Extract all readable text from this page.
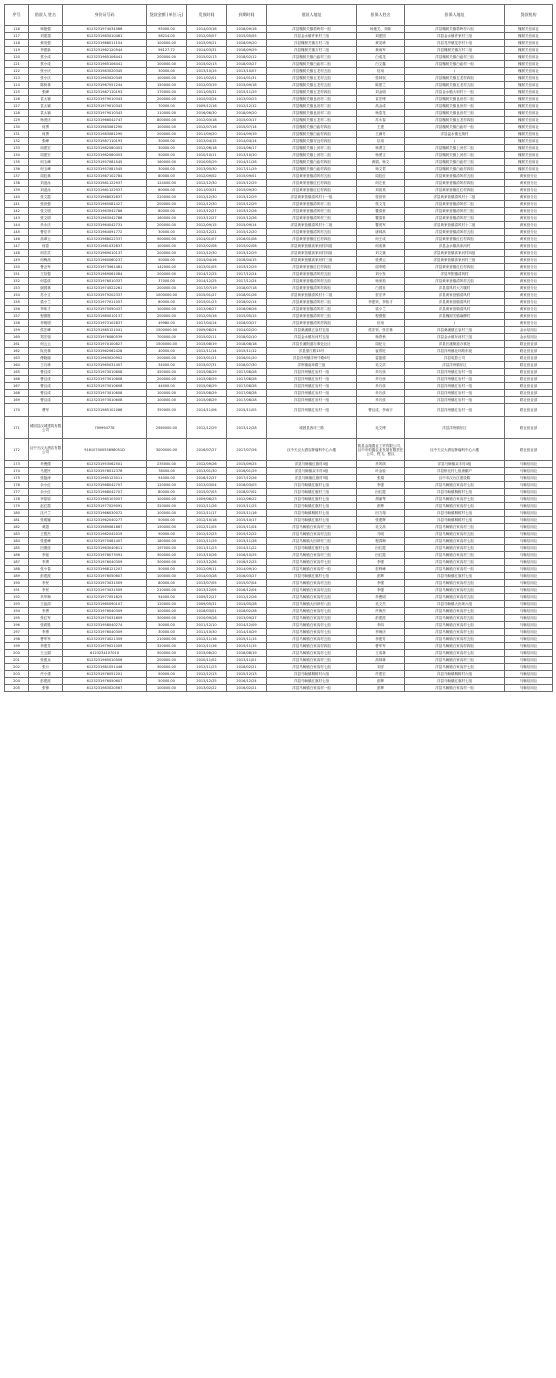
序号	借款人 姓名	身份证号码	贷款金额 (单位:元)	发放时间	到期时间	借款人地址	担保人姓名	担保人地址	贷款机构
116	杨艳强	6123231974034566	95000.00	2014/03/18	2018/09/16	洋县槐树关镇梧岭村一组	杨艳关、刘妹	洋县槐树关镇梧岭村六组	槐树关信用社
117	刘建超	6123231983010461	58214.00	2012/05/07	2015/05/05	洋县金水镇许家村三组	刘建国	洋县金水镇许家村三组	槐树关信用社
118	黄英强	6123231988011104	100000.00	2015/09/21	2018/09/20	洋县槐树关镇万村二组	黄英珍	洋县龙亭镇龙亭村十组	槐树关信用社
119	李建新	6123231962120544	56127.72	2014/03/31	2018/09/29	洋县槐树关镇万村二组	黄雨军	洋县槐树关镇万村二组	槐树关信用社
120	蔡小成	6123231965106441	200000.00	2015/02/13	2018/02/12	洋县槐树关镇白庙村三组	白成龙	洋县槐树关镇白庙村三组	槐树关信用社
121	蔡小成	6123231965106441	100000.00	2015/02/13	2018/03/27	洋县槐树关镇白庙村二组	白文鑫	洋县槐树关镇白庙村一组	槐树关信用社
122	张小庆	6123231983020345	30000.00	2013/10/15	2013/10/07	洋县槐树关镇五龙村五组	信用	/	槐树关信用社
123	张小庆	6123231983020345	100000.00	2011/02/01	2014/01/31	洋县槐树关镇五龙村五组	张林权	洋县槐树关镇五龙村四组	槐树关信用社
124	陈桥林	6123231967051244	150000.00	2012/03/19	2015/09/18	洋县槐树关镇五龙村五组	陈建兰	洋县槐树关镇五龙村五组	槐树关信用社
125	张峰	6123231987110193	170000.00	2011/05/31	2015/11/29	洋县槐树关镇五龙村四组	刘金明	洋县金水镇大坝村十一组	槐树关信用社
126	袁太颖	6123231979010343	200000.00	2010/03/24	2013/03/23	洋县槐树关镇良田村二组	袁宏博	洋县槐树关镇良田村二组	槐树关信用社
127	袁太颖	6123231979010343	70000.00	2009/12/16	2012/12/12	洋县槐树关镇良田村二组	高金成	洋县槐树关镇良田村一组	槐树关信用社
128	袁太颖	6123231979010343	110000.00	2016/06/30	2018/09/20	洋县槐树关镇良田村二组	杨泰龙	洋县槐树关镇良田村三组	槐树关信用社
129	杨虎庆	6123231966042747	800000.00	2012/03/18	2015/03/17	洋县槐树关镇五龙村二组	苏永春	洋县槐树关镇五龙村四组	槐树关信用社
130	何勇	6123231983081290	100000.00	2012/07/16	2015/07/14	洋县槐树关镇白庙村四组	王建	洋县槐树关镇白庙村一组	槐树关信用社
131	何勇	6123231983081290	200000.00	2011/09/20	2014/09/19	洋县槐树关镇白庙村四组	王满冬	洋县溢水镇五狗村	槐树关信用社
132	张峰	6123231987110193	30000.00	2013/04/15	2014/04/14	洋县槐树关镇安良村四组	信用	/	槐树关信用社
133	周建宏	6123231982080453	30000.00	2012/06/18	2014/06/17	洋县槐树关镇上河村二组	杨勇文	洋县槐树关镇上河村二组	槐树关信用社
134	周建宏	6123231982080453	50000.00	2010/10/11	2013/10/10	洋县槐树关镇上河村二组	杨勇文	洋县槐树关镇上河村二组	槐树关信用社
135	何玉峰	6123231957081545	160000.00	2010/05/29	2014/11/28	洋县槐树关镇白庙村四组	黄娟、杨文	洋县槐树关镇白庙村三组	槐树关信用社
136	何玉峰	6123231957081545	30000.00	2013/05/30	2017/11/29	洋县槐树关镇白庙村四组	杨文君	洋县槐树关镇白庙村四组	槐树关信用社
137	周虹林	6123231987102784	80000.00	2012/09/02	2015/09/01	洋县黄家营镇清风村五组	周虹红	洋县黄家营镇清风村五组	黄家营分社
138	刘迎泳	6123231981122937	124000.00	2012/12/30	2015/12/29	洋县黄家营镇红红村四组	何左世	洋县黄家营镇清风村四组	黄家营分社
139	刘迎泳	6123231981122937	80000.00	2011/03/31	2015/09/30	洋县黄家营镇红红村四组	刘高其	洋县黄家营镇红红村四组	黄家营分社
140	张文霞	6123231968032837	220000.00	2012/12/30	2015/12/29	洋县黄家营镇清风村十一组	张世荣	洋县黄家营镇清风村十二组	黄家营分社
141	张世强	6123231965081427	200000.00	2012/12/30	2015/12/29	洋县黄家营镇清风村二组	张文龙	洋县黄家营镇清风村二组	黄家营分社
142	张文明	6123231963042786	80000.00	2013/12/27	2015/12/26	洋县黄家营镇清风村三组	瞿清世	洋县黄家营镇清风村三组	黄家营分社
143	张文明	6123231963042786	160000.00	2013/12/27	2015/12/26	洋县黄家营镇清风村三组	瞿清世	洋县黄家营镇清风村三组	黄家营分社
144	肖永庆	6123231964042731	200000.00	2012/09/15	2015/09/14	洋县黄家营镇清风村十二组	瞿虎军	洋县黄家营镇清风村十二组	黄家营分社
145	曹应辛	6123231964091772	30000.00	2012/12/21	2015/12/20	洋县黄家营镇清风村五组	唐林高	洋县黄家营镇清风村五组	黄家营分社
146	高翠云	6123231968022337	500000.00	2014/01/07	2016/01/06	洋县黄家营镇红红村四组	何王成	洋县黄家营镇红红村四组	黄家营分社
147	何春	6123231981032837	100000.00	2012/02/08	2015/02/08	洋县黄家营镇高家河村四组	何成林	洋县金水镇高家河村	黄家营分社
148	何宏武	6123231969010137	200000.00	2012/12/30	2015/12/29	洋县黄家营镇高家河村四组	刘文斌	洋县黄家营镇高家河村四组	黄家营分社
149	何梅高	6123231960060237	50000.00	2014/04/16	2016/04/15	洋县黄家营镇高家河村三组	张勇云	洋县黄家营镇高家河村三组	黄家营分社
150	曹念军	6123231973061481	142000.00	2013/01/05	2015/12/29	洋县黄家营镇红红村四组	周李路	洋县黄家营镇红红村四组	黄家营分社
151	王信强	6123231969061084	200000.00	2014/12/25	2017/12/24	洋县黄家营镇清风村五组	刘小发	洋县华阳镇清风村	黄家营分社
152	何雷侠	6123231976010337	37000.00	2014/12/25	2017/12/24	洋县黄家营镇清风村五组	杨家茹	洋县黄家营镇清风村五组	黄家营分社
153	谢国林	6123231974022261	200000.00	2017/07/19	2018/07/18	洋县黄家营镇清风村四组	白国室	洋县清风村大方堰村	黄家营分社
154	苏小文	6123231979202337	1000000.00	2015/01/27	2018/01/26	洋县黄家营镇清风村十二组	贺宏华	洋县黄家营镇清风村	黄家营分社
155	梁小兰	6123231977011057	80000.00	2015/01/23	2018/02/14	洋县黄家营镇清风村二组	李建荣、李伟才	洋县黄家营镇清风村	黄家营分社
156	李伟才	6123231975090437	100000.00	2013/06/27	2016/06/26	洋县黄家营镇清风村二组	梁小兰	洋县黄家营镇清风村	黄家营分社
157	程德胜	6123231980010137	200000.00	2012/05/16	2015/05/15	洋县黄家营镇清风村三组	程德强	洋县槐树关镇麻柳村	黄家营分社
158	李明明	6123231973102837	49980.00	2017/04/14	2018/03/27	洋县黄家营镇清风村四组	信用	/	黄家营分社
159	侯宏峰	6123231985121041	1500000.00	2009/08/24	2014/02/20	洋县桑溪镇五皇村五组	侯宏荣、张宏林	洋县桑溪镇五皇村三组	金水信用社
160	郑宏姐	6123231976080539	700000.00	2015/02/11	2018/02/10	洋县金水镇东河村五组	杨青秋	洋县金水镇东河村三组	金水信用社
161	何云云	6123231970100827	1500000.00	2015/08/19	2018/08/18	洋县长溪街道办事处社区	周纪元	洋县长溪街道办事处	联社营业部
162	阮亮林	6123231962062428	40000.00	2012/11/14	2015/11/12	洋县望江路15号	崔青旺	洋县洋州镇北环路东段	联社营业部
163	傅晓晓	6123231963020902	200000.00	2013/01/21	2016/01/20	洋县洋州镇洋州中路6号	雷振德	洋县电影公司	联社营业部
164	王巧珍	6123231965031407	34000.00	2015/07/31	2018/07/30	洋州镇南环路三组	吴文武	洋县洋州镇东区	联社营业部
165	曹汉成	6123231973010608	450000.00	2015/08/29	2017/08/28	洋县洋州镇红岩村一组	肖巧侠	洋县洋州镇红岩村一组	联社营业部
166	曹汉成	6123231973010608	200000.00	2015/08/29	2017/08/28	洋县洋州镇红岩村一组	肖巧侠	洋县洋州镇红岩村一组	联社营业部
167	曹汉成	6123231973010608	44000.00	2015/08/29	2017/08/28	洋县洋州镇红岩村一组	肖巧侠	洋县洋州镇红岩村一组	联社营业部
168	曹汉成	6123231973010608	100000.00	2015/08/29	2017/08/28	洋县洋州镇红岩村一组	肖巧侠	洋县洋州镇红岩村一组	联社营业部
169	曹汉成	6123231973010608	100000.00	2015/08/29	2017/08/28	洋县洋州镇红岩村一组	肖巧侠	洋县洋州镇红岩村一组	联社营业部
170	曹军	6123231985101068	350000.00	2014/11/06	2015/11/05	洋县洋州镇红岩村一组	曹汉成、李雨宇	洋县洋州镇红岩村一组	联社营业部
171	城固县汉城建筑有限公司	709994778	2560000.00	2012/12/29	2013/12/28	城固县西环三路	吴文博	洋县洋州镇东区	联社营业部
172	汉中天汉大酒店有限公司	91610700055698051D	3000000.00	2016/07/27	2017/07/26	汉中天汉大酒店肿瘤科中心六楼	陕县金翔置业工贸有限公司、汉中市恒鑫农业发展有限责任公司、程飞、程汉	汉中天汉大酒店肿瘤科中心六楼	联社营业部
173	肖俊儒	6123231953062501	235000.00	2012/09/26	2015/09/25	洋县马畅镇红旗村4组	肖风琪	洋县马畅镇双丰村4组	马畅信用社
174	马建民	6123231976012376	78000.00	2013/01/30	2016/01/29	洋县马畅镇双丰村4组	叶金检	洋县桥北村七组唐鹏户	马畅信用社
175	张磊涛	6123231965123011	54000.00	2016/12/27	2017/12/26	洋县马畅镇红旗村3组	张娟	汉中市汉台区建设路	马畅信用社
176	余小红	6123231968042707	120000.00	2013/03/04	2016/03/03	洋县马畅镇红旗村七组	李强	洋县马畅镇白家沟村七组	马畅信用社
177	余小红	6123231968042707	80000.00	2015/07/03	2018/07/02	洋县马畅镇红旗村三组	田红霞	洋县马畅镇桐树村七组	马畅信用社
178	李原原	6123231965103007	100000.00	2009/06/23	2012/06/22	洋县马畅镇红旗村七组	胡丽琴	洋县马畅镇白家沟村七组	马畅信用社
179	赵红霞	6123231977029091	320000.00	2012/11/26	2015/11/25	洋县马畅镇红旗村七组	彭辉	洋县马畅镇白家沟村七组	马畅信用社
180	沈兴兰	6123231966030072	100000.00	2012/11/17	2015/11/16	洋县马畅镇桐树村七组	田力翔	洋县马畅镇桐树村七组	马畅信用社
181	张明娜	6123231962040277	50000.00	2012/10/18	2015/10/17	洋县马畅镇红旗村七组	张建辉	洋县马畅镇桐树村七组	马畅信用社
182	黄超	6123231989081867	150000.00	2012/11/05	2015/11/04	洋县马畅镇白家沟村三组	吴文高	洋县马畅镇白家沟村三组	马畅信用社
183	王银杰	6123231982042019	50000.00	2012/12/23	2015/12/22	洋县马畅镇白家沟村五组	马明	洋县马畅镇白家沟村五组	马畅信用社
184	张建峰	6123231975061407	180000.00	2012/11/29	2015/11/28	洋县马畅镇大田坝村三组	程春梅	洋县马畅镇白家沟村七组	马畅信用社
185	田德侠	6123231963040611	197000.00	2011/11/23	2014/11/22	洋县马畅镇红旗村七组	田红霞	洋县马畅镇白家沟村七组	马畅信用社
186	李瑶	6123231976073091	300000.00	2013/10/26	2016/10/25	洋县马畅镇白家沟村三组	田红霞	洋县马畅镇白家沟村三组	马畅信用社
187	李勇	6123231976040309	300000.00	2013/12/26	2016/12/25	洋县马畅镇白家沟村七组	李强	洋县马畅镇白家沟村三组	马畅信用社
188	张小春	6123231968121207	50000.00	2012/09/11	2014/09/10	洋县马畅镇白家沟村一组	贺利峰	洋县马畅镇白家沟村一组	马畅信用社
189	彭建波	6123231976050607	100000.00	2014/03/28	2016/03/27	洋县马畅镇红旗村七组	彭辉	洋县马畅镇红旗村七组	马畅信用社
190	李民	6123231973031509	80000.00	2013/07/05	2015/07/04	洋县马畅镇白家沟村五组	李强	洋县马畅镇白家沟村五组	马畅信用社
191	李民	6123231973031509	210000.00	2013/12/05	2016/12/04	洋县马畅镇白家沟村五组	李强	洋县马畅镇白家沟村五组	马畅信用社
192	肖华梅	6123231977051825	54000.00	2009/12/27	2012/12/26	洋县马畅镇白家沟村五组	肖俊明	洋县马畅镇白家沟村五组	马畅信用社
193	王祖清	6123231965090107	120000.00	2009/05/31	2014/05/28	洋县马畅镇大田坝村八组	吴文杰	洋县马畅镇大田坝六组	马畅信用社
194	李勇	6123231976040309	100000.00	2016/03/01	2016/02/28	洋县马畅镇白家沟村七组	许海杰	洋县马畅镇白家沟村七组	马畅信用社
195	张红军	6123231975031809	300000.00	2010/09/28	2013/09/27	洋县马畅镇白家沟村五组	彭建波	洋县马畅镇白家沟村五组	马畅信用社
196	张莉胜	6123231958040274	50000.00	2011/12/10	2014/12/09	洋县马畅镇白家沟村七组	李四	洋县马畅镇白家沟村七组	马畅信用社
197	李勇	6123231976040309	30000.00	2011/10/30	2014/10/29	洋县马畅镇白家沟村七组	李海庆	洋县马畅镇白家沟村七组	马畅信用社
198	曹军军	6123231974021309	210000.00	2012/11/16	2015/11/15	洋县马畅镇白家沟村五组	李建芳	洋县马畅镇白家沟村五组	马畅信用社
199	李建芳	6123231979021009	320000.00	2012/11/16	2015/11/15	洋县马畅镇白家沟村四组	曹军军	洋县马畅镇白家沟村四组	马畅信用社
200	王云娟	6123234107010	500000.00	2015/08/20	2018/08/19	洋县马畅镇白家沟村七组	王成林	洋县马畅镇白家沟村七组	马畅信用社
201	张建兵	6123231965010506	200000.00	2010/11/02	2013/11/01	洋县马畅镇白家沟村三组	高林林	洋县马畅镇白家沟村三组	马畅信用社
202	张月	6123231981051446	300000.00	2012/11/23	2016/02/21	洋县马畅镇白家沟村七组	刘洋	洋县马畅镇白家沟村七组	马畅信用社
203	许小建	6123231976051201	50000.00	2012/12/13	2015/12/13	洋县马畅镇桐树村六组	许建宏	洋县马畅镇桐树村六组	马畅信用社
204	彭建波	6123231976050607	50000.00	2013/12/25	2016/12/24	洋县马畅镇红旗村七组	彭辉	洋县马畅镇红旗村七组	马畅信用社
205	张锋	6123231983020567	100000.00	2013/02/22	2016/02/21	洋县马畅镇白家沟村一组	彭辉	洋县马畅镇白家沟村一组	马畅信用社
